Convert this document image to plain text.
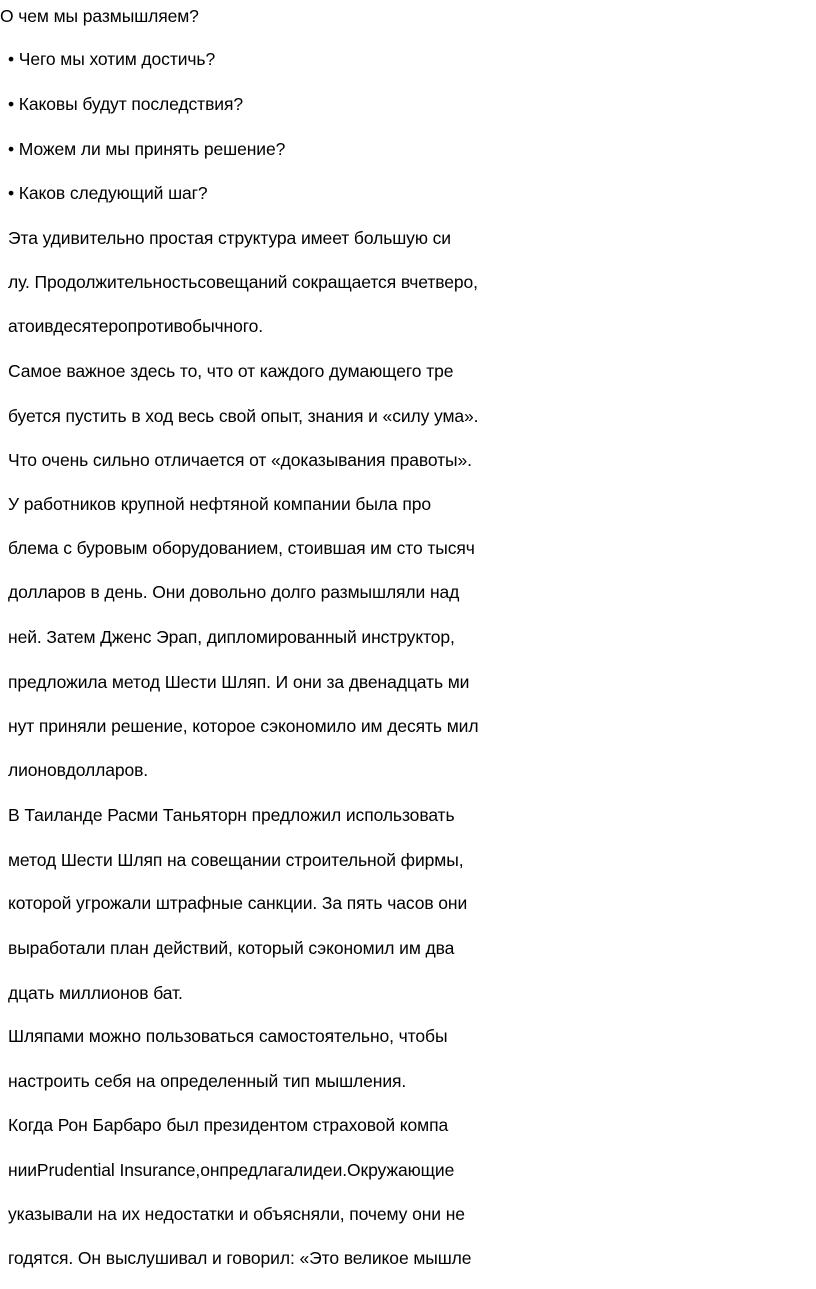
О чем мы размышляем?
• Чего мы хотим достичь?
• Каковы будут последствия?
• Можем ли мы принять решение?
• Каков следующий шаг?
Эта удивительно простая структура имеет большую си
лу. Продолжительностьсовещаний сокращается вчетверо,
атоивдесятеропротивобычного.
Самое важное здесь то, что от каждого думающего тре
буется пустить в ход весь свой опыт, знания и «силу ума».
Что очень сильно отличается от «доказывания правоты».
У работников крупной нефтяной компании была про
блема с буровым оборудованием, стоившая им сто тысяч
долларов в день. Они довольно долго размышляли над
ней. Затем Дженс Эрап, дипломированный инструктор,
предложила метод Шести Шляп. И они за двенадцать ми
нут приняли решение, которое сэкономило им десять мил
лионовдолларов.
В Таиланде Расми Таньяторн предложил использовать
метод Шести Шляп на совещании строительной фирмы,
которой угрожали штрафные санкции. За пять часов они
выработали план действий, который сэкономил им два
дцать миллионов бат.
Шляпами можно пользоваться самостоятельно, чтобы
настроить себя на определенный тип мышления.
Когда Рон Барбаро был президентом страховой компа
нииPrudential Insurance,онпредлагалидеи.Окружающие
указывали на их недостатки и объясняли, почему они не
годятся. Он выслушивал и говорил: «Это великое мышле
